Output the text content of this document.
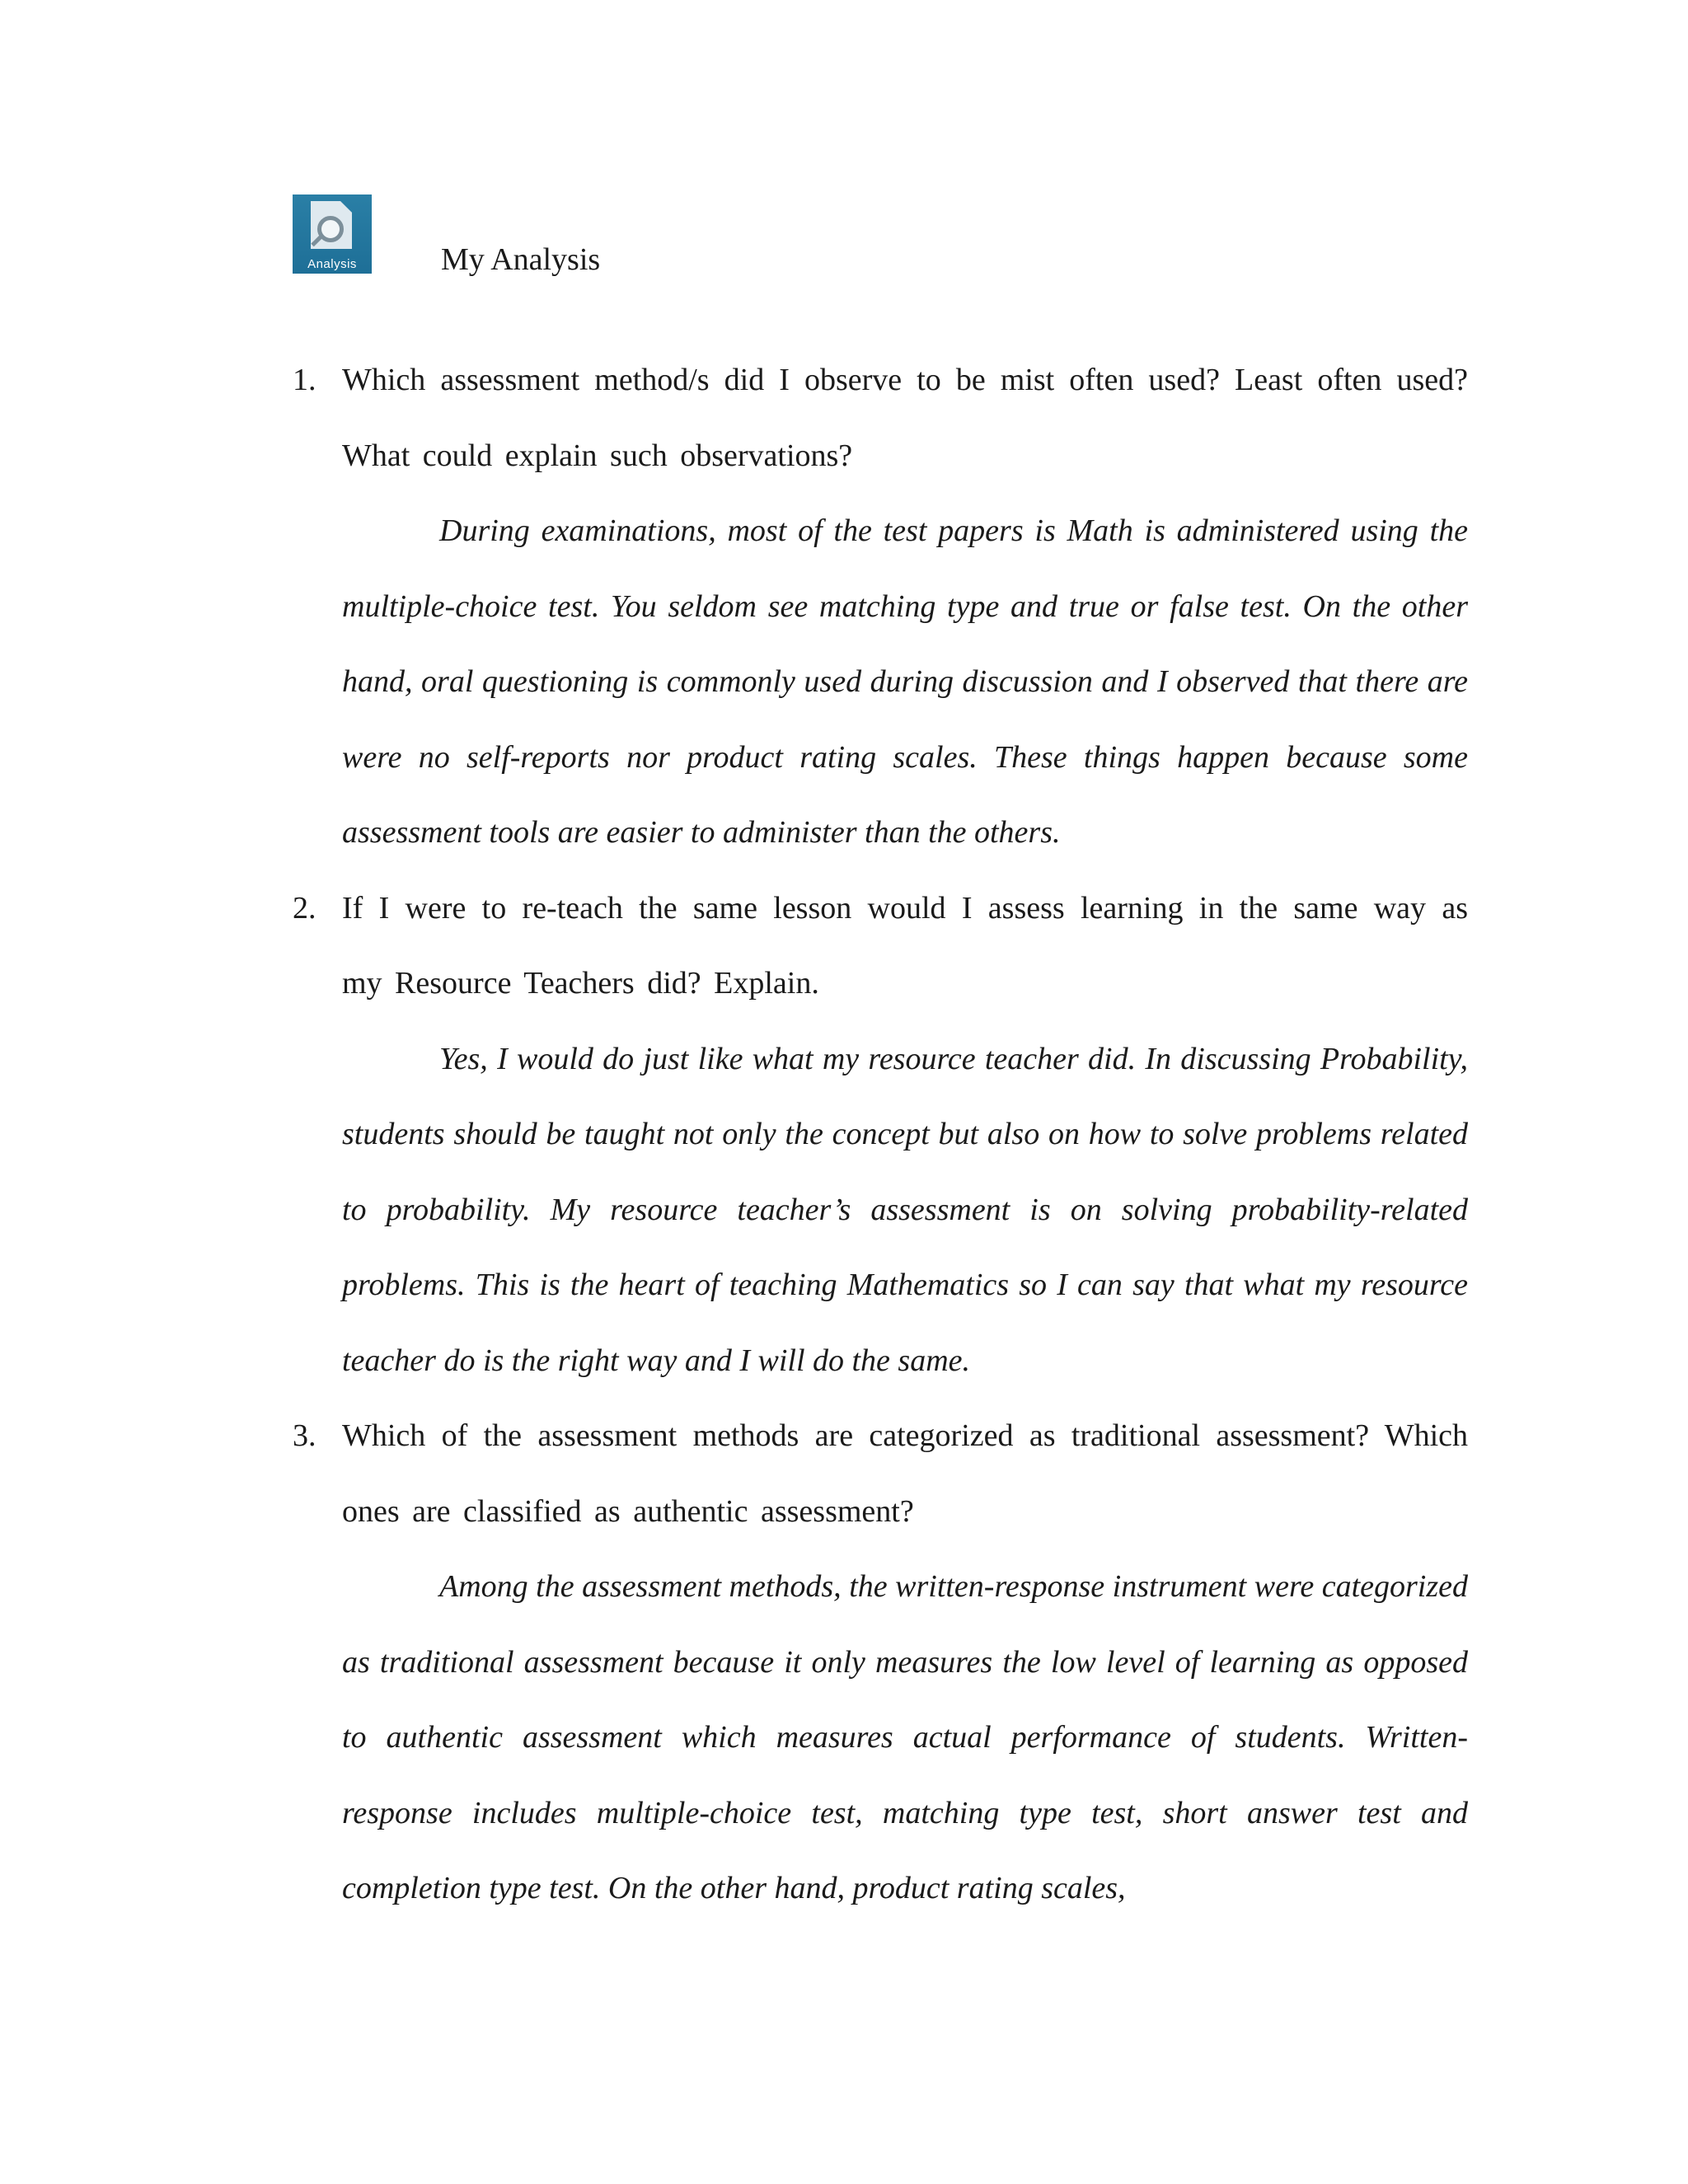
Analysis	My Analysis
1. Which assessment method/s did I observe to be mist often used? Least often used? What could explain such observations?

During examinations, most of the test papers is Math is administered using the multiple-choice test. You seldom see matching type and true or false test. On the other hand, oral questioning is commonly used during discussion and I observed that there are were no self-reports nor product rating scales. These things happen because some assessment tools are easier to administer than the others.

2. If I were to re-teach the same lesson would I assess learning in the same way as my Resource Teachers did? Explain.

Yes, I would do just like what my resource teacher did. In discussing Probability, students should be taught not only the concept but also on how to solve problems related to probability. My resource teacher’s assessment is on solving probability-related problems. This is the heart of teaching Mathematics so I can say that what my resource teacher do is the right way and I will do the same.

3. Which of the assessment methods are categorized as traditional assessment? Which ones are classified as authentic assessment?

Among the assessment methods, the written-response instrument were categorized as traditional assessment because it only measures the low level of learning as opposed to authentic assessment which measures actual performance of students. Written-response includes multiple-choice test, matching type test, short answer test and completion type test. On the other hand, product rating scales,
